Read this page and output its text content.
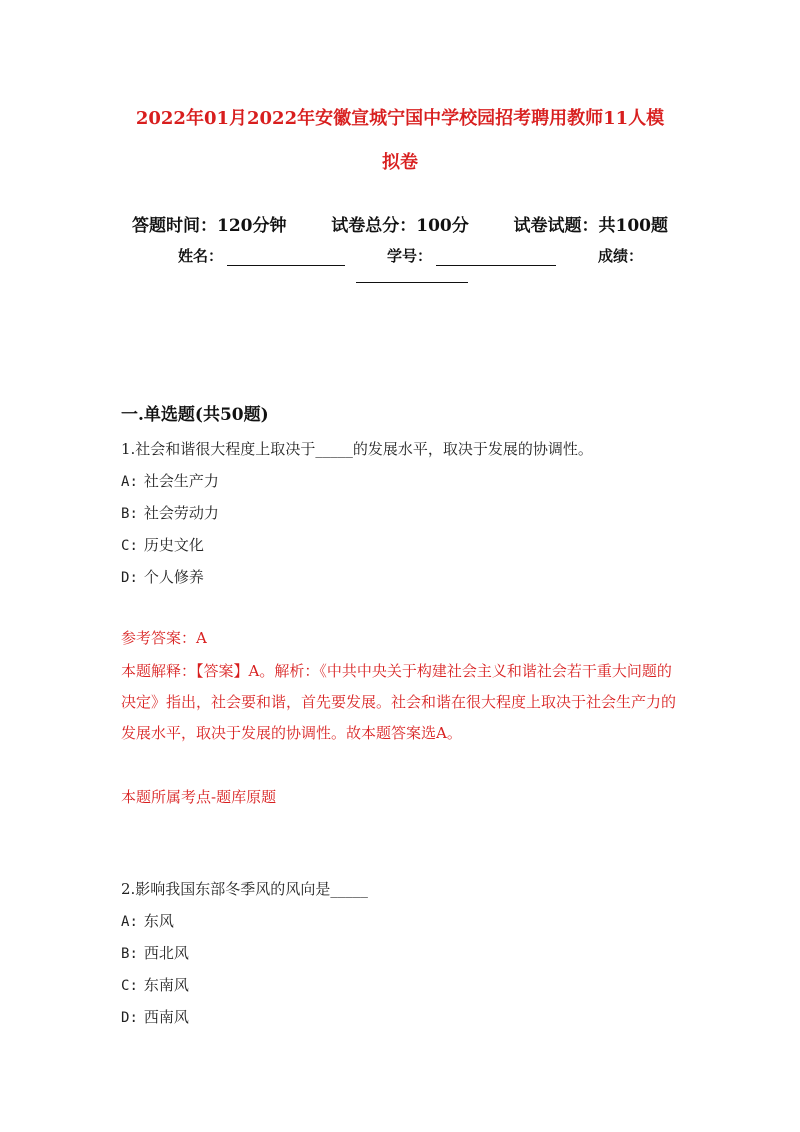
2022年01月2022年安徽宣城宁国中学校园招考聘用教师11人模
拟卷
答题时间：120分钟	试卷总分：100分	试卷试题：共100题
姓名：	学号：	成绩：
一.单选题(共50题)
1.社会和谐很大程度上取决于_____的发展水平，取决于发展的协调性。
A: 社会生产力
B: 社会劳动力
C: 历史文化
D: 个人修养
参考答案：A

本题解释：【答案】A。解析：《中共中央关于构建社会主义和谐社会若干重大问题的决定》指出，社会要和谐，首先要发展。社会和谐在很大程度上取决于社会生产力的发展水平，取决于发展的协调性。故本题答案选A。

本题所属考点-题库原题
2.影响我国东部冬季风的风向是_____
A: 东风
B: 西北风
C: 东南风
D: 西南风
